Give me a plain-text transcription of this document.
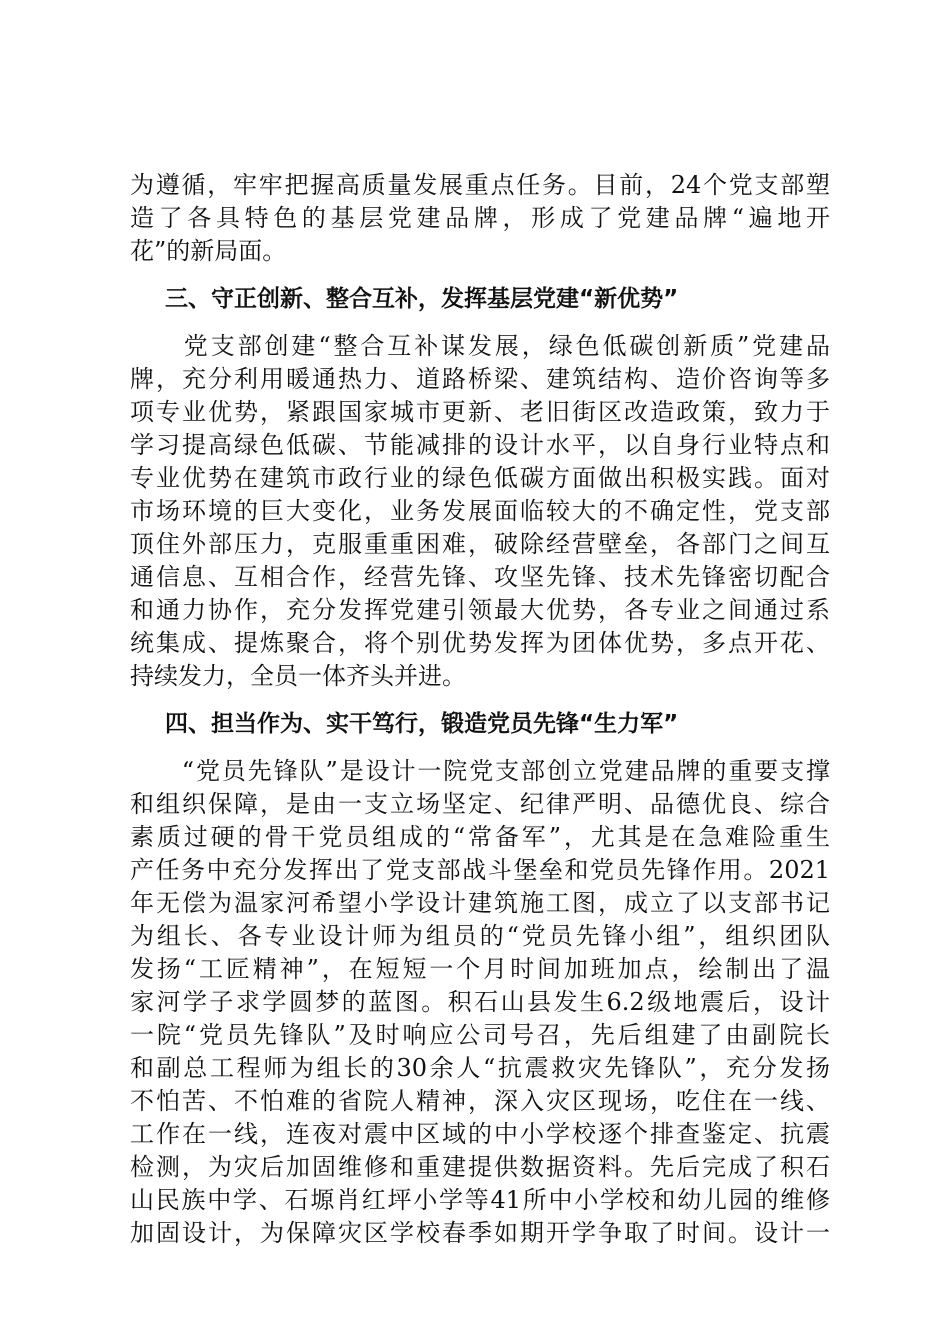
为遵循，牢牢把握高质量发展重点任务。目前，24个党支部塑
造了各具特色的基层党建品牌，形成了党建品牌“遍地开
花”的新局面。
三、守正创新、整合互补，发挥基层党建“新优势”
　　党支部创建“整合互补谋发展，绿色低碳创新质”党建品
牌，充分利用暖通热力、道路桥梁、建筑结构、造价咨询等多
项专业优势，紧跟国家城市更新、老旧街区改造政策，致力于
学习提高绿色低碳、节能减排的设计水平，以自身行业特点和
专业优势在建筑市政行业的绿色低碳方面做出积极实践。面对
市场环境的巨大变化，业务发展面临较大的不确定性，党支部
顶住外部压力，克服重重困难，破除经营壁垒，各部门之间互
通信息、互相合作，经营先锋、攻坚先锋、技术先锋密切配合
和通力协作，充分发挥党建引领最大优势，各专业之间通过系
统集成、提炼聚合，将个别优势发挥为团体优势，多点开花、
持续发力，全员一体齐头并进。
四、担当作为、实干笃行，锻造党员先锋“生力军”
　　“党员先锋队”是设计一院党支部创立党建品牌的重要支撑
和组织保障，是由一支立场坚定、纪律严明、品德优良、综合
素质过硬的骨干党员组成的“常备军”，尤其是在急难险重生
产任务中充分发挥出了党支部战斗堡垒和党员先锋作用。2021
年无偿为温家河希望小学设计建筑施工图，成立了以支部书记
为组长、各专业设计师为组员的“党员先锋小组”，组织团队
发扬“工匠精神”，在短短一个月时间加班加点，绘制出了温
家河学子求学圆梦的蓝图。积石山县发生6.2级地震后，设计
一院“党员先锋队”及时响应公司号召，先后组建了由副院长
和副总工程师为组长的30余人“抗震救灾先锋队”，充分发扬
不怕苦、不怕难的省院人精神，深入灾区现场，吃住在一线、
工作在一线，连夜对震中区域的中小学校逐个排查鉴定、抗震
检测，为灾后加固维修和重建提供数据资料。先后完成了积石
山民族中学、石塬肖红坪小学等41所中小学校和幼儿园的维修
加固设计，为保障灾区学校春季如期开学争取了时间。设计一
